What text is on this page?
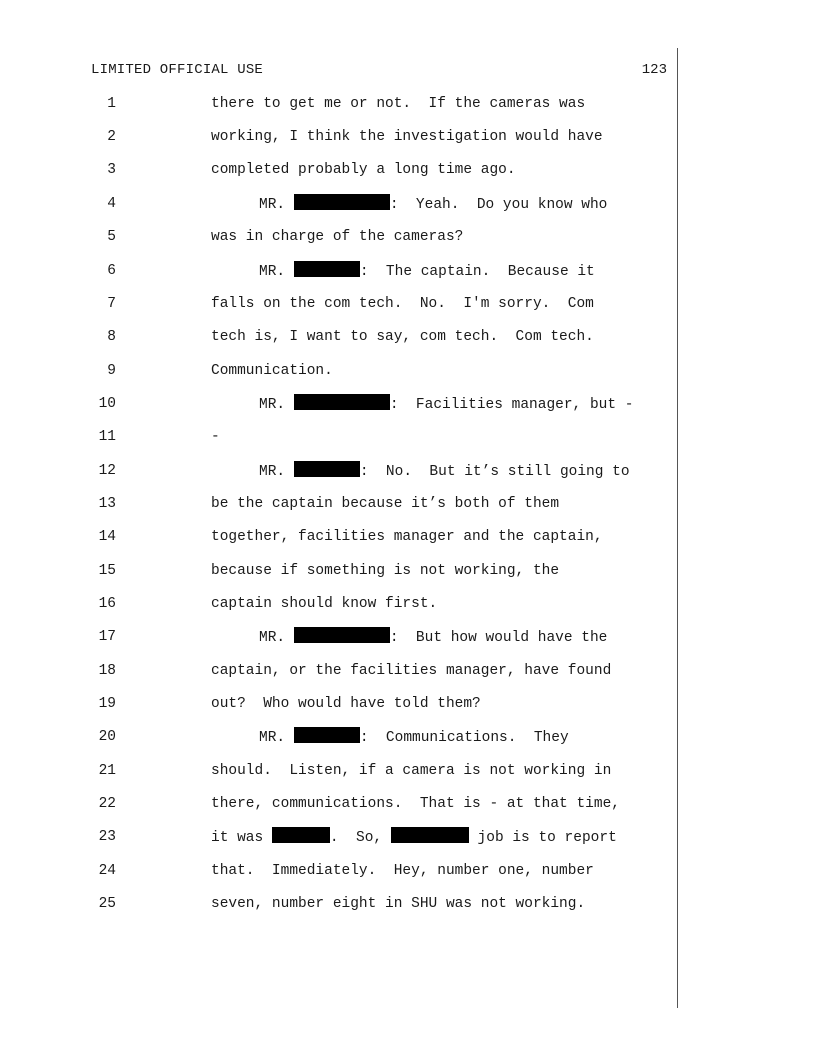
LIMITED OFFICIAL USE	123
1	there to get me or not.  If the cameras was
2	working, I think the investigation would have
3	completed probably a long time ago.
4	MR.	:  Yeah.  Do you know who
5	was in charge of the cameras?
6	MR.	:  The captain.  Because it
7	falls on the com tech.  No.  I'm sorry.  Com
8	tech is, I want to say, com tech.  Com tech.
9	Communication.
10	MR.	:  Facilities manager, but -
11	-
12	MR.	:  No.  But it’s still going to
13	be the captain because it’s both of them
14	together, facilities manager and the captain,
15	because if something is not working, the
16	captain should know first.
17	MR.	:  But how would have the
18	captain, or the facilities manager, have found
19	out?  Who would have told them?
20	MR.	:  Communications.  They
21	should.  Listen, if a camera is not working in
22	there, communications.  That is - at that time,
23	it was	.  So,	job is to report
24	that.  Immediately.  Hey, number one, number
25	seven, number eight in SHU was not working.
